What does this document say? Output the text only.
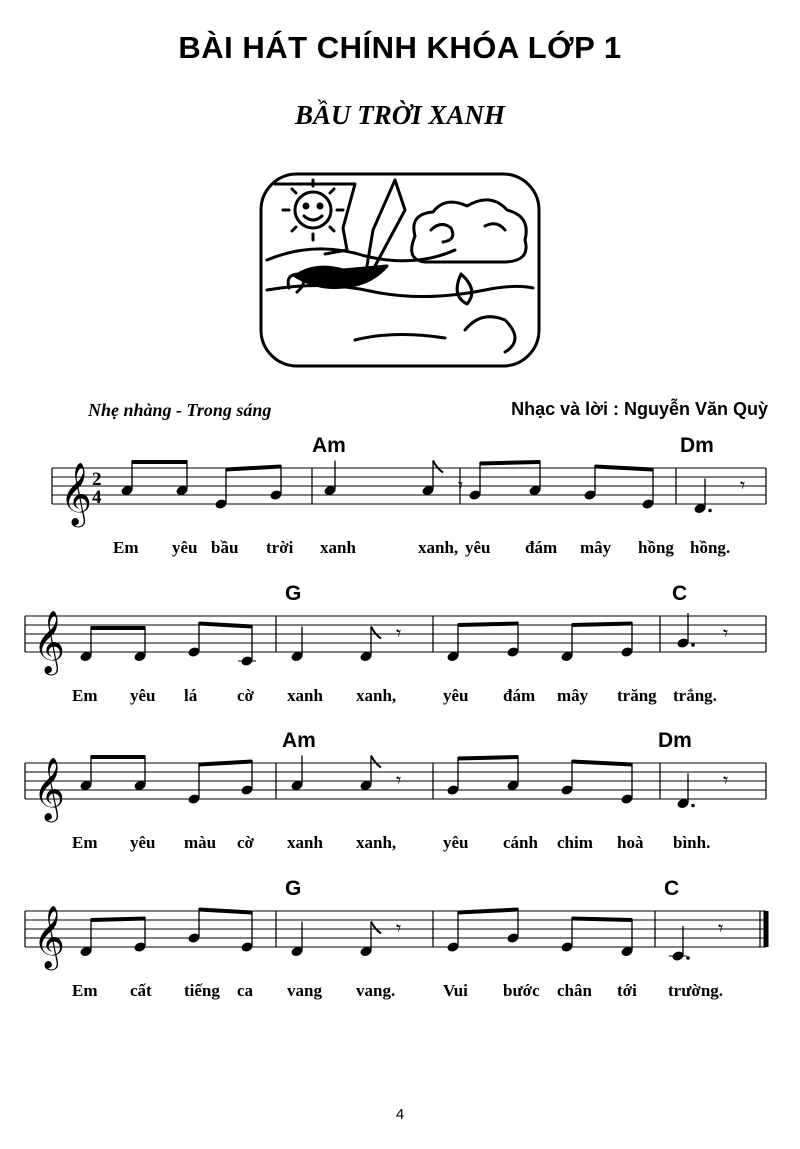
BÀI HÁT CHÍNH KHÓA LỚP 1
BẦU TRỜI XANH
Nhẹ nhàng - Trong sáng	Nhạc và lời : Nguyễn Văn Quỳ
𝄞 2
4
𝄾	𝄾
Am	Dm
Em yêu bầu trời xanh	xanh, yêu đám mây hồng hồng.
𝄞	𝄾	𝄾
G	C
Em yêu lá cờ xanh xanh,	yêu đám mây trăng trắng.
𝄞	𝄾	𝄾
Am	Dm
Em yêu màu cờ xanh xanh,	yêu cánh chim hoà bình.
𝄞	𝄾	𝄾
G	C
Em cất tiếng ca vang vang.	Vui bước chân tới trường.
4
